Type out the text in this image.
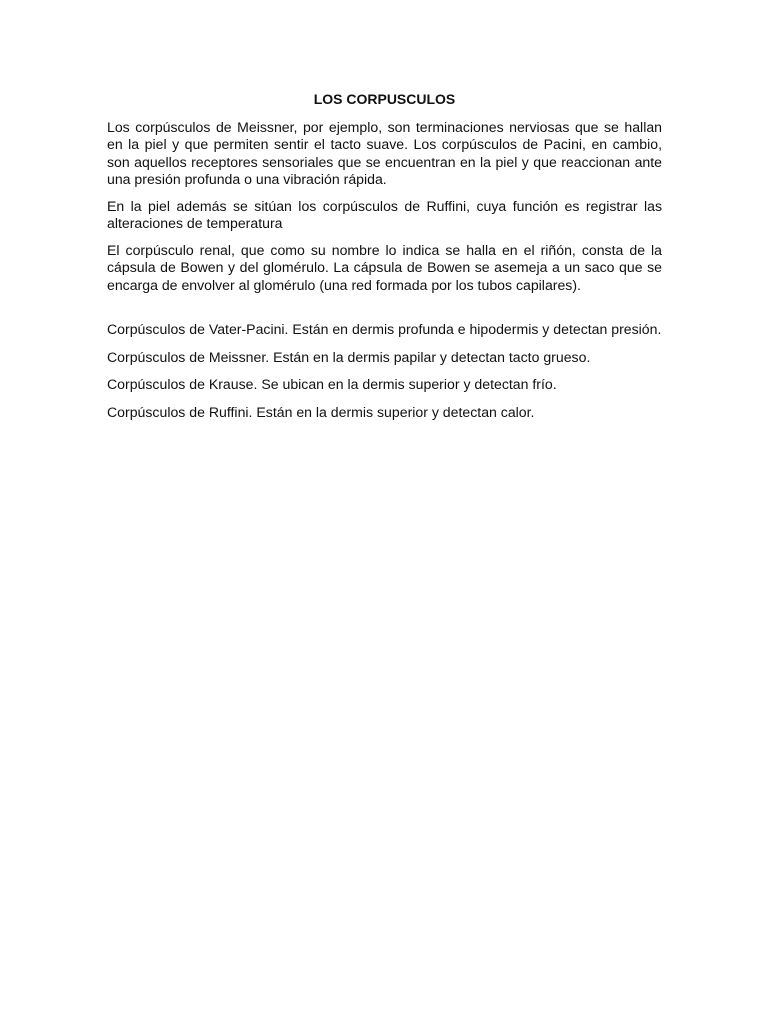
LOS CORPUSCULOS

Los corpúsculos de Meissner, por ejemplo, son terminaciones nerviosas que se hallan en la piel y que permiten sentir el tacto suave. Los corpúsculos de Pacini, en cambio, son aquellos receptores sensoriales que se encuentran en la piel y que reaccionan ante una presión profunda o una vibración rápida.

En la piel además se sitúan los corpúsculos de Ruffini, cuya función es registrar las alteraciones de temperatura

El corpúsculo renal, que como su nombre lo indica se halla en el riñón, consta de la cápsula de Bowen y del glomérulo. La cápsula de Bowen se asemeja a un saco que se encarga de envolver al glomérulo (una red formada por los tubos capilares).

Corpúsculos de Vater-Pacini. Están en dermis profunda e hipodermis y detectan presión.

Corpúsculos de Meissner. Están en la dermis papilar y detectan tacto grueso.

Corpúsculos de Krause. Se ubican en la dermis superior y detectan frío.

Corpúsculos de Ruffini. Están en la dermis superior y detectan calor.
